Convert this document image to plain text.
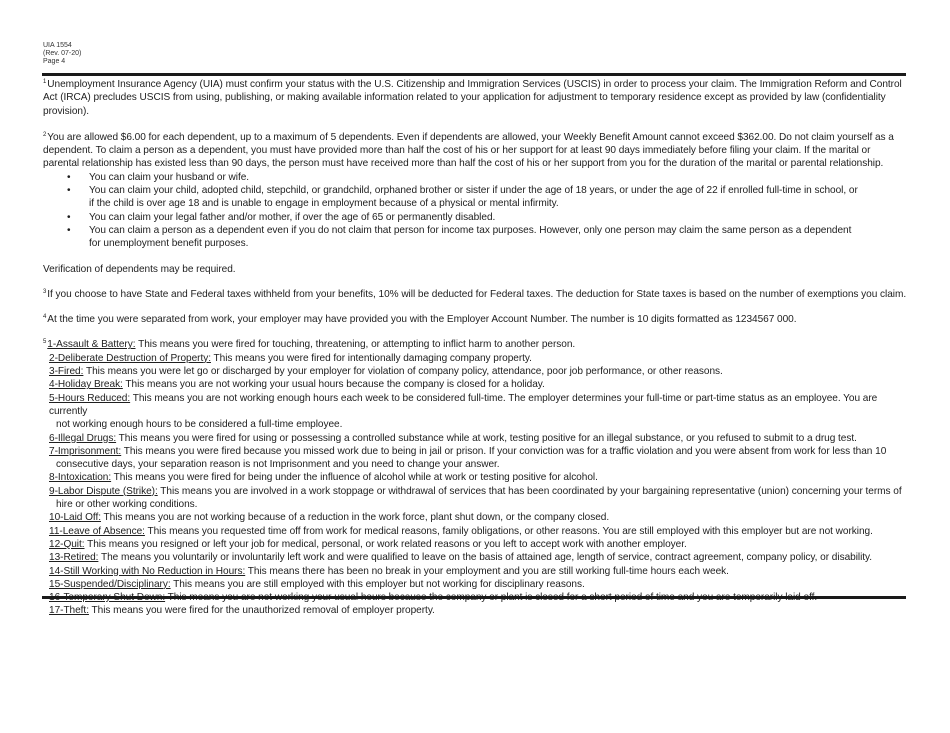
UIA 1554
(Rev. 07-20)
Page 4

$^1$Unemployment Insurance Agency (UIA) must confirm your status with the U.S. Citizenship and Immigration Services (USCIS) in order to process your claim. The Immigration Reform and Control Act (IRCA) precludes USCIS from using, publishing, or making available information related to your application for adjustment to temporary residence except as provided by law (confidentiality provision).

$^2$You are allowed $6.00 for each dependent, up to a maximum of 5 dependents. Even if dependents are allowed, your Weekly Benefit Amount cannot exceed $362.00. Do not claim yourself as a dependent. To claim a person as a dependent, you must have provided more than half the cost of his or her support for at least 90 days immediately before filing your claim. If the marital or parental relationship has existed less than 90 days, the person must have received more than half the cost of his or her support from you for the duration of the marital or parental relationship.

• You can claim your husband or wife.
• You can claim your child, adopted child, stepchild, or grandchild, orphaned brother or sister if under the age of 18 years, or under the age of 22 if enrolled full-time in school, or if the child is over age 18 and is unable to engage in employment because of a physical or mental infirmity.
• You can claim your legal father and/or mother, if over the age of 65 or permanently disabled.
• You can claim a person as a dependent even if you do not claim that person for income tax purposes. However, only one person may claim the same person as a dependent for unemployment benefit purposes.

Verification of dependents may be required.

$^3$If you choose to have State and Federal taxes withheld from your benefits, 10% will be deducted for Federal taxes. The deduction for State taxes is based on the number of exemptions you claim.

$^4$At the time you were separated from work, your employer may have provided you with the Employer Account Number. The number is 10 digits formatted as 1234567 000.

$^5$1-Assault & Battery: This means you were fired for touching, threatening, or attempting to inflict harm to another person.

2-Deliberate Destruction of Property: This means you were fired for intentionally damaging company property.

3-Fired: This means you were let go or discharged by your employer for violation of company policy, attendance, poor job performance, or other reasons.

4-Holiday Break: This means you are not working your usual hours because the company is closed for a holiday.

5-Hours Reduced: This means you are not working enough hours each week to be considered full-time. The employer determines your full-time or part-time status as an employee. You are currently
not working enough hours to be considered a full-time employee.

6-Illegal Drugs: This means you were fired for using or possessing a controlled substance while at work, testing positive for an illegal substance, or you refused to submit to a drug test.

7-Imprisonment: This means you were fired because you missed work due to being in jail or prison. If your conviction was for a traffic violation and you were absent from work for less than 10
consecutive days, your separation reason is not Imprisonment and you need to change your answer.

8-Intoxication: This means you were fired for being under the influence of alcohol while at work or testing positive for alcohol.

9-Labor Dispute (Strike): This means you are involved in a work stoppage or withdrawal of services that has been coordinated by your bargaining representative (union) concerning your terms of
hire or other working conditions.

10-Laid Off: This means you are not working because of a reduction in the work force, plant shut down, or the company closed.

11-Leave of Absence: This means you requested time off from work for medical reasons, family obligations, or other reasons. You are still employed with this employer but are not working.

12-Quit: This means you resigned or left your job for medical, personal, or work related reasons or you left to accept work with another employer.

13-Retired: The means you voluntarily or involuntarily left work and were qualified to leave on the basis of attained age, length of service, contract agreement, company policy, or disability.

14-Still Working with No Reduction in Hours: This means there has been no break in your employment and you are still working full-time hours each week.

15-Suspended/Disciplinary: This means you are still employed with this employer but not working for disciplinary reasons.

17-Theft: This means you were fired for the unauthorized removal of employer property.
